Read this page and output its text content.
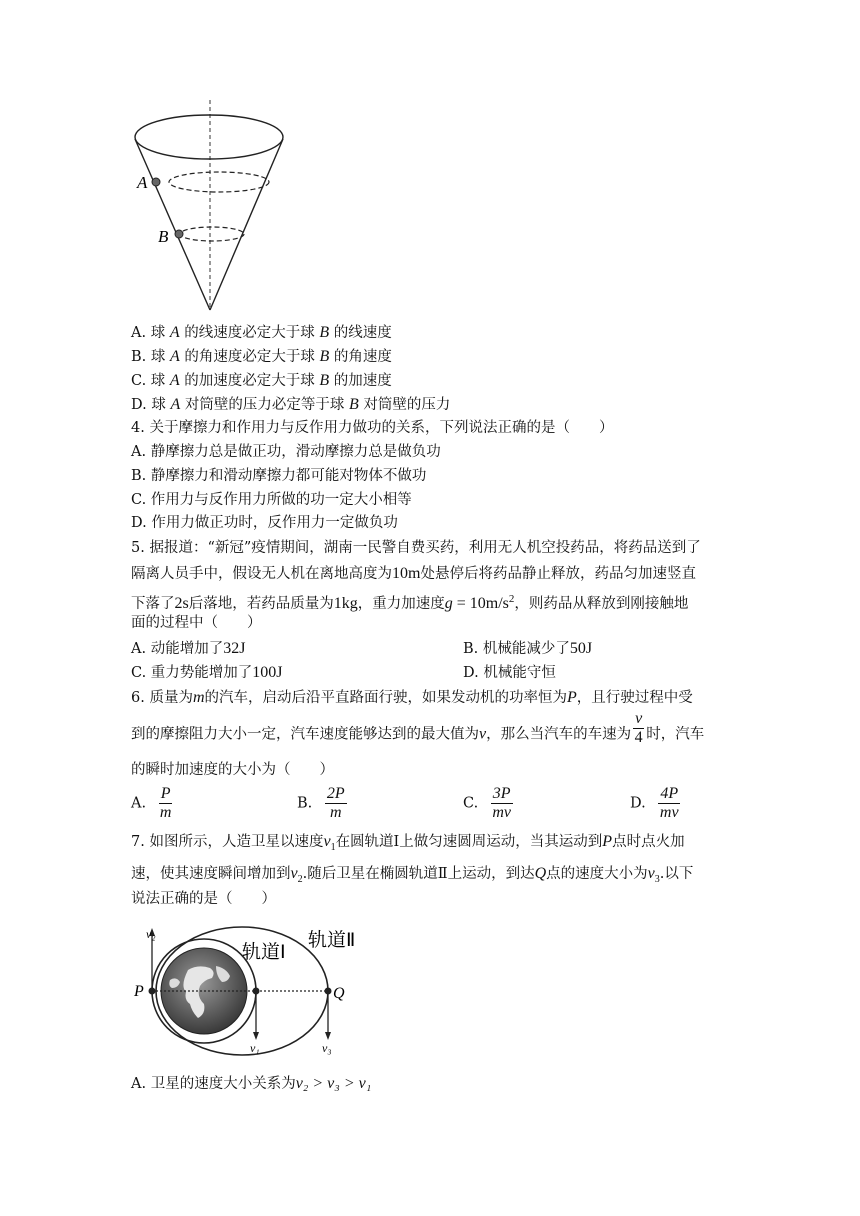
A
B
A. 球 A 的线速度必定大于球 B 的线速度
B. 球 A 的角速度必定大于球 B 的角速度
C. 球 A 的加速度必定大于球 B 的加速度
D. 球 A 对筒壁的压力必定等于球 B 对筒壁的压力
4. 关于摩擦力和作用力与反作用力做功的关系，下列说法正确的是（　　）
A. 静摩擦力总是做正功，滑动摩擦力总是做负功
B. 静摩擦力和滑动摩擦力都可能对物体不做功
C. 作用力与反作用力所做的功一定大小相等
D. 作用力做正功时，反作用力一定做负功
5. 据报道：“新冠”疫情期间，湖南一民警自费买药，利用无人机空投药品，将药品送到了
隔离人员手中，假设无人机在离地高度为10m处悬停后将药品静止释放，药品匀加速竖直
下落了2s后落地，若药品质量为1kg，重力加速度$g = 10m/s^2$，则药品从释放到刚接触地
面的过程中（　　）
A. 动能增加了32J	B. 机械能减少了50J
C. 重力势能增加了100J	D. 机械能守恒
6. 质量为m的汽车，启动后沿平直路面行驶，如果发动机的功率恒为P，且行驶过程中受
到的摩擦阻力大小一定，汽车速度能够达到的最大值为v，那么当汽车的车速为 $\frac{v}{4}$ 时，汽车
的瞬时加速度的大小为（　　）
A. $\frac{P}{m}$	B. $\frac{2P}{m}$	C. $\frac{3P}{mv}$	D. $\frac{4P}{mv}$
7. 如图所示，人造卫星以速度$v_1$在圆轨道Ⅰ上做匀速圆周运动，当其运动到P点时点火加
速，使其速度瞬间增加到$v_2$.随后卫星在椭圆轨道Ⅱ上运动，到达Q点的速度大小为$v_3$.以下
说法正确的是（　　）
v₂
P	Q
v₁	v₃
轨道Ⅰ
轨道Ⅱ
A. 卫星的速度大小关系为v₂ > v₃ > v₁
